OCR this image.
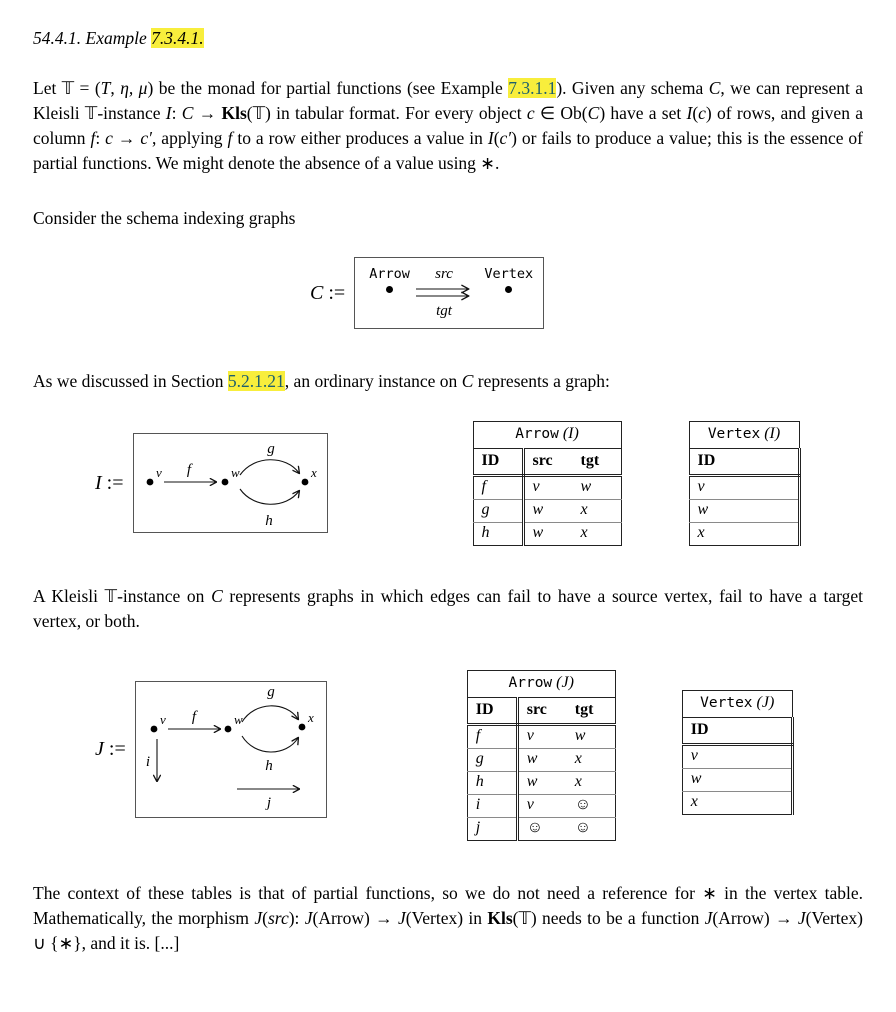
54.4.1. Example 7.3.4.1.

Let 𝕋 = (T, η, μ) be the monad for partial functions (see Example 7.3.1.1). Given any schema C, we can represent a Kleisli 𝕋-instance I: C → Kls(𝕋) in tabular format. For every object c ∈ Ob(C) have a set I(c) of rows, and given a column f: c → c′, applying f to a row either produces a value in I(c′) or fails to produce a value; this is the essence of partial functions. We might denote the absence of a value using ∗.

Consider the schema indexing graphs

C :=
Arrow src
tgt
Vertex

As we discussed in Section 5.2.1.21, an ordinary instance on C represents a graph:

I := v f	w
g
h
x
Arrow (I)		
ID	src	tgt
f	v	w
g	w	x
h	w	x
Vertex (I)
ID
v
w
x

A Kleisli 𝕋-instance on C represents graphs in which edges can fail to have a source vertex, fail to have a target vertex, or both.

J :=
v f	w
g
h
x
i
j
Arrow (J)		
ID	src	tgt
f	v	w
g	w	x
h	w	x
i	v	☺
j	☺	☺
Vertex (J)
ID
v
w
x

The context of these tables is that of partial functions, so we do not need a reference for ∗ in the vertex table. Mathematically, the morphism J(src): J(Arrow) → J(Vertex) in Kls(𝕋) needs to be a function J(Arrow) → J(Vertex) ∪ {∗}, and it is. [...]
